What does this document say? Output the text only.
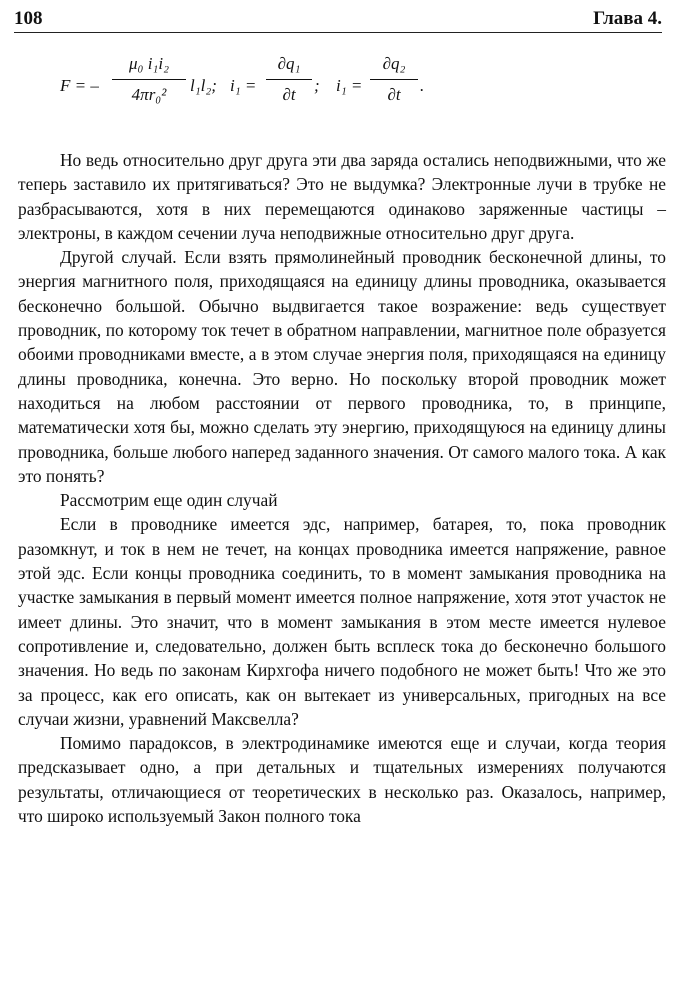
108	Глава 4.
F = –
μ₀ i₁i₂
4πr₀²	l₁l₂; i₁ =
∂q₁
∂t	; i₁ =
∂q₂
∂t	.

Но ведь относительно друг друга эти два заряда остались неподвижными, что же теперь заставило их притягиваться? Это не выдумка? Электронные лучи в трубке не разбрасываются, хотя в них перемещаются одинаково заряженные частицы – электроны, в каждом сечении луча неподвижные относительно друг друга.

Другой случай. Если взять прямолинейный проводник бесконечной длины, то энергия магнитного поля, приходящаяся на единицу длины проводника, оказывается бесконечно большой. Обычно выдвигается такое возражение: ведь существует проводник, по которому ток течет в обратном направлении, магнитное поле образуется обоими проводниками вместе, а в этом случае энергия поля, приходящаяся на единицу длины проводника, конечна. Это верно. Но поскольку второй проводник может находиться на любом расстоянии от первого проводника, то, в принципе, математически хотя бы, можно сделать эту энергию, приходящуюся на единицу длины проводника, больше любого наперед заданного значения. От самого малого тока. А как это понять?

Рассмотрим еще один случай

Если в проводнике имеется эдс, например, батарея, то, пока проводник разомкнут, и ток в нем не течет, на концах проводника имеется напряжение, равное этой эдс. Если концы проводника соединить, то в момент замыкания проводника на участке замыкания в первый момент имеется полное напряжение, хотя этот участок не имеет длины. Это значит, что в момент замыкания в этом месте имеется нулевое сопротивление и, следовательно, должен быть всплеск тока до бесконечно большого значения. Но ведь по законам Кирхгофа ничего подобного не может быть! Что же это за процесс, как его описать, как он вытекает из универсальных, пригодных на все случаи жизни, уравнений Максвелла?

Помимо парадоксов, в электродинамике имеются еще и случаи, когда теория предсказывает одно, а при детальных и тщательных измерениях получаются результаты, отличающиеся от теоретических в несколько раз. Оказалось, например, что широко используемый Закон полного тока
